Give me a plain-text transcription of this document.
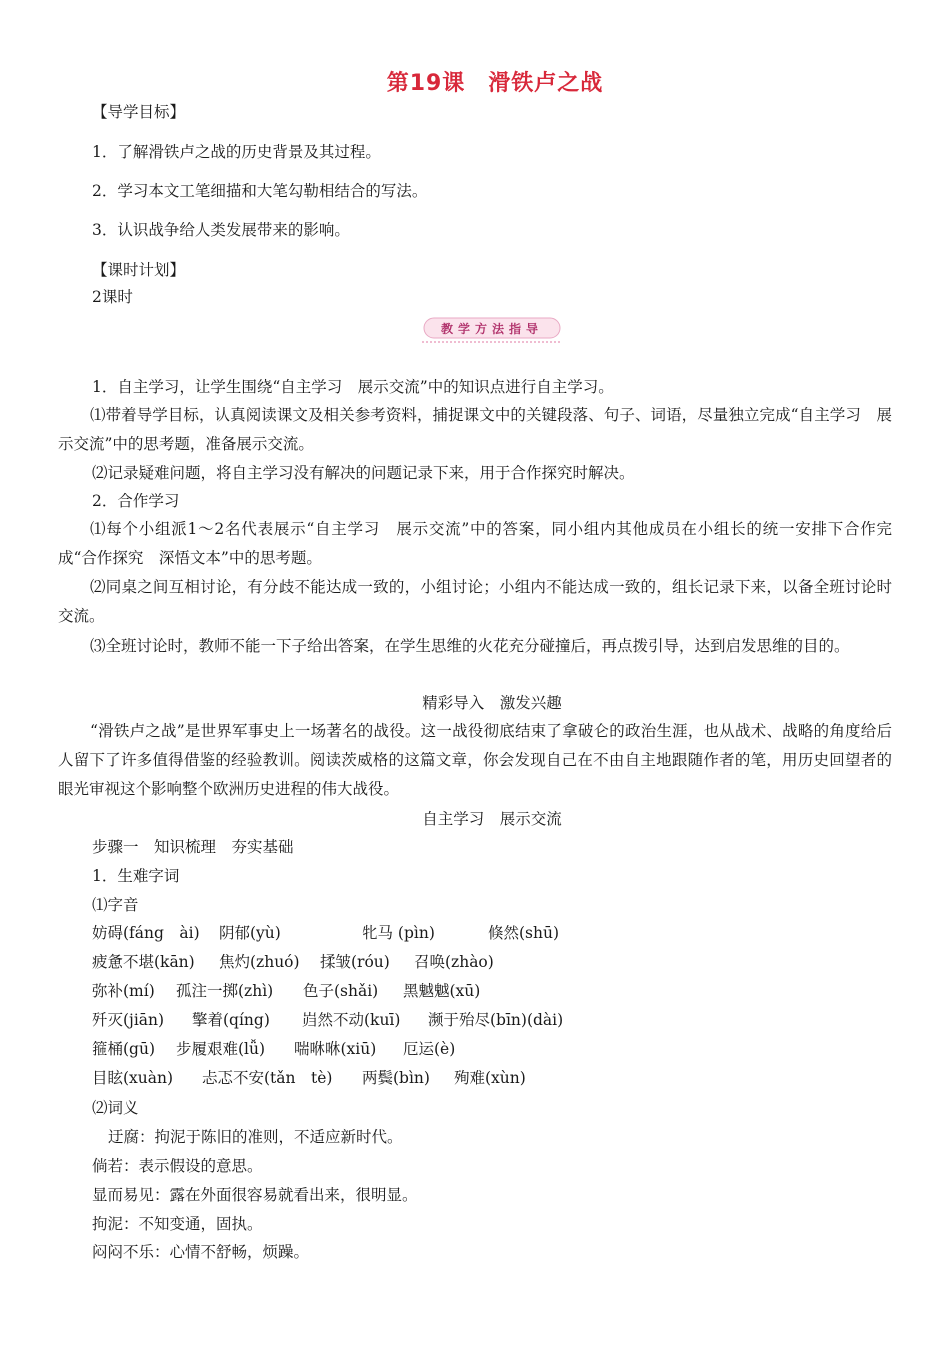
第19课　滑铁卢之战
【导学目标】
1．了解滑铁卢之战的历史背景及其过程。
2．学习本文工笔细描和大笔勾勒相结合的写法。
3．认识战争给人类发展带来的影响。
【课时计划】
2课时
教学方法指导
1．自主学习，让学生围绕“自主学习　展示交流”中的知识点进行自主学习。
⑴带着导学目标，认真阅读课文及相关参考资料，捕捉课文中的关键段落、句子、词语，尽量独立完成“自主学习　展示交流”中的思考题，准备展示交流。
⑵记录疑难问题，将自主学习没有解决的问题记录下来，用于合作探究时解决。
2．合作学习
⑴每个小组派1～2名代表展示“自主学习　展示交流”中的答案，同小组内其他成员在小组长的统一安排下合作完成“合作探究　深悟文本”中的思考题。
⑵同桌之间互相讨论，有分歧不能达成一致的，小组讨论；小组内不能达成一致的，组长记录下来，以备全班讨论时交流。
⑶全班讨论时，教师不能一下子给出答案，在学生思维的火花充分碰撞后，再点拨引导，达到启发思维的目的。
精彩导入　激发兴趣
“滑铁卢之战”是世界军事史上一场著名的战役。这一战役彻底结束了拿破仑的政治生涯，也从战术、战略的角度给后人留下了许多值得借鉴的经验教训。阅读茨威格的这篇文章，你会发现自己在不由自主地跟随作者的笔，用历史回望者的眼光审视这个影响整个欧洲历史进程的伟大战役。
自主学习　展示交流
步骤一　知识梳理　夯实基础
1．生难字词
⑴字音
妨碍(fáng　ài) 阴郁(yù)	牝马 (pìn)	倏然(shū)
疲惫不堪(kān) 焦灼(zhuó) 揉皱(róu) 召唤(zhào)
弥补(mí) 孤注一掷(zhì) 色子(shǎi) 黑魆魆(xū)
歼灭(jiān) 擎着(qíng) 岿然不动(kuī) 濒于殆尽(bīn)(dài)
箍桶(gū) 步履艰难(lǚ) 喘咻咻(xiū) 厄运(è)
目眩(xuàn) 忐忑不安(tǎn　tè) 两鬓(bìn) 殉难(xùn)
⑵词义
迂腐：拘泥于陈旧的准则，不适应新时代。
倘若：表示假设的意思。
显而易见：露在外面很容易就看出来，很明显。
拘泥：不知变通，固执。
闷闷不乐：心情不舒畅，烦躁。
